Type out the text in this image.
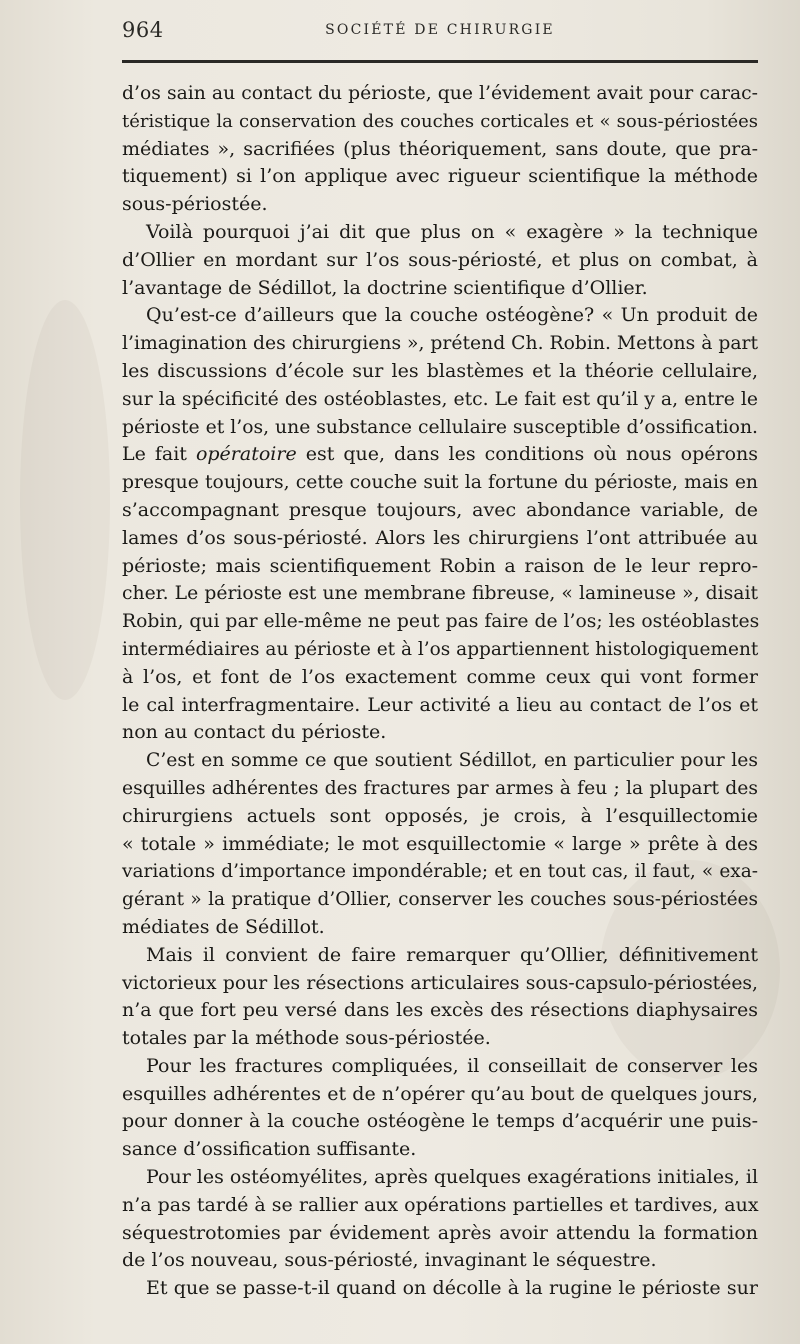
964	SOCIÉTÉ DE CHIRURGIE
d’os sain au contact du périoste, que l’évidement avait pour carac-
téristique la conservation des couches corticales et « sous-périostées
médiates », sacrifiées (plus théoriquement, sans doute, que pra-
tiquement) si l’on applique avec rigueur scientifique la méthode
sous-périostée.
Voilà pourquoi j’ai dit que plus on « exagère » la technique
d’Ollier en mordant sur l’os sous-périosté, et plus on combat, à
l’avantage de Sédillot, la doctrine scientifique d’Ollier.
Qu’est-ce d’ailleurs que la couche ostéogène? « Un produit de
l’imagination des chirurgiens », prétend Ch. Robin. Mettons à part
les discussions d’école sur les blastèmes et la théorie cellulaire,
sur la spécificité des ostéoblastes, etc. Le fait est qu’il y a, entre le
périoste et l’os, une substance cellulaire susceptible d’ossification.
Le fait opératoire est que, dans les conditions où nous opérons
presque toujours, cette couche suit la fortune du périoste, mais en
s’accompagnant presque toujours, avec abondance variable, de
lames d’os sous-périosté. Alors les chirurgiens l’ont attribuée au
périoste; mais scientifiquement Robin a raison de le leur repro-
cher. Le périoste est une membrane fibreuse, « lamineuse », disait
Robin, qui par elle-même ne peut pas faire de l’os; les ostéoblastes
intermédiaires au périoste et à l’os appartiennent histologiquement
à l’os, et font de l’os exactement comme ceux qui vont former
le cal interfragmentaire. Leur activité a lieu au contact de l’os et
non au contact du périoste.
C’est en somme ce que soutient Sédillot, en particulier pour les
esquilles adhérentes des fractures par armes à feu ; la plupart des
chirurgiens actuels sont opposés, je crois, à l’esquillectomie
« totale » immédiate; le mot esquillectomie « large » prête à des
variations d’importance impondérable; et en tout cas, il faut, « exa-
gérant » la pratique d’Ollier, conserver les couches sous-périostées
médiates de Sédillot.
Mais il convient de faire remarquer qu’Ollier, définitivement
victorieux pour les résections articulaires sous-capsulo-périostées,
n’a que fort peu versé dans les excès des résections diaphysaires
totales par la méthode sous-périostée.
Pour les fractures compliquées, il conseillait de conserver les
esquilles adhérentes et de n’opérer qu’au bout de quelques jours,
pour donner à la couche ostéogène le temps d’acquérir une puis-
sance d’ossification suffisante.
Pour les ostéomyélites, après quelques exagérations initiales, il
n’a pas tardé à se rallier aux opérations partielles et tardives, aux
séquestrotomies par évidement après avoir attendu la formation
de l’os nouveau, sous-périosté, invaginant le séquestre.
Et que se passe-t-il quand on décolle à la rugine le périoste sur
